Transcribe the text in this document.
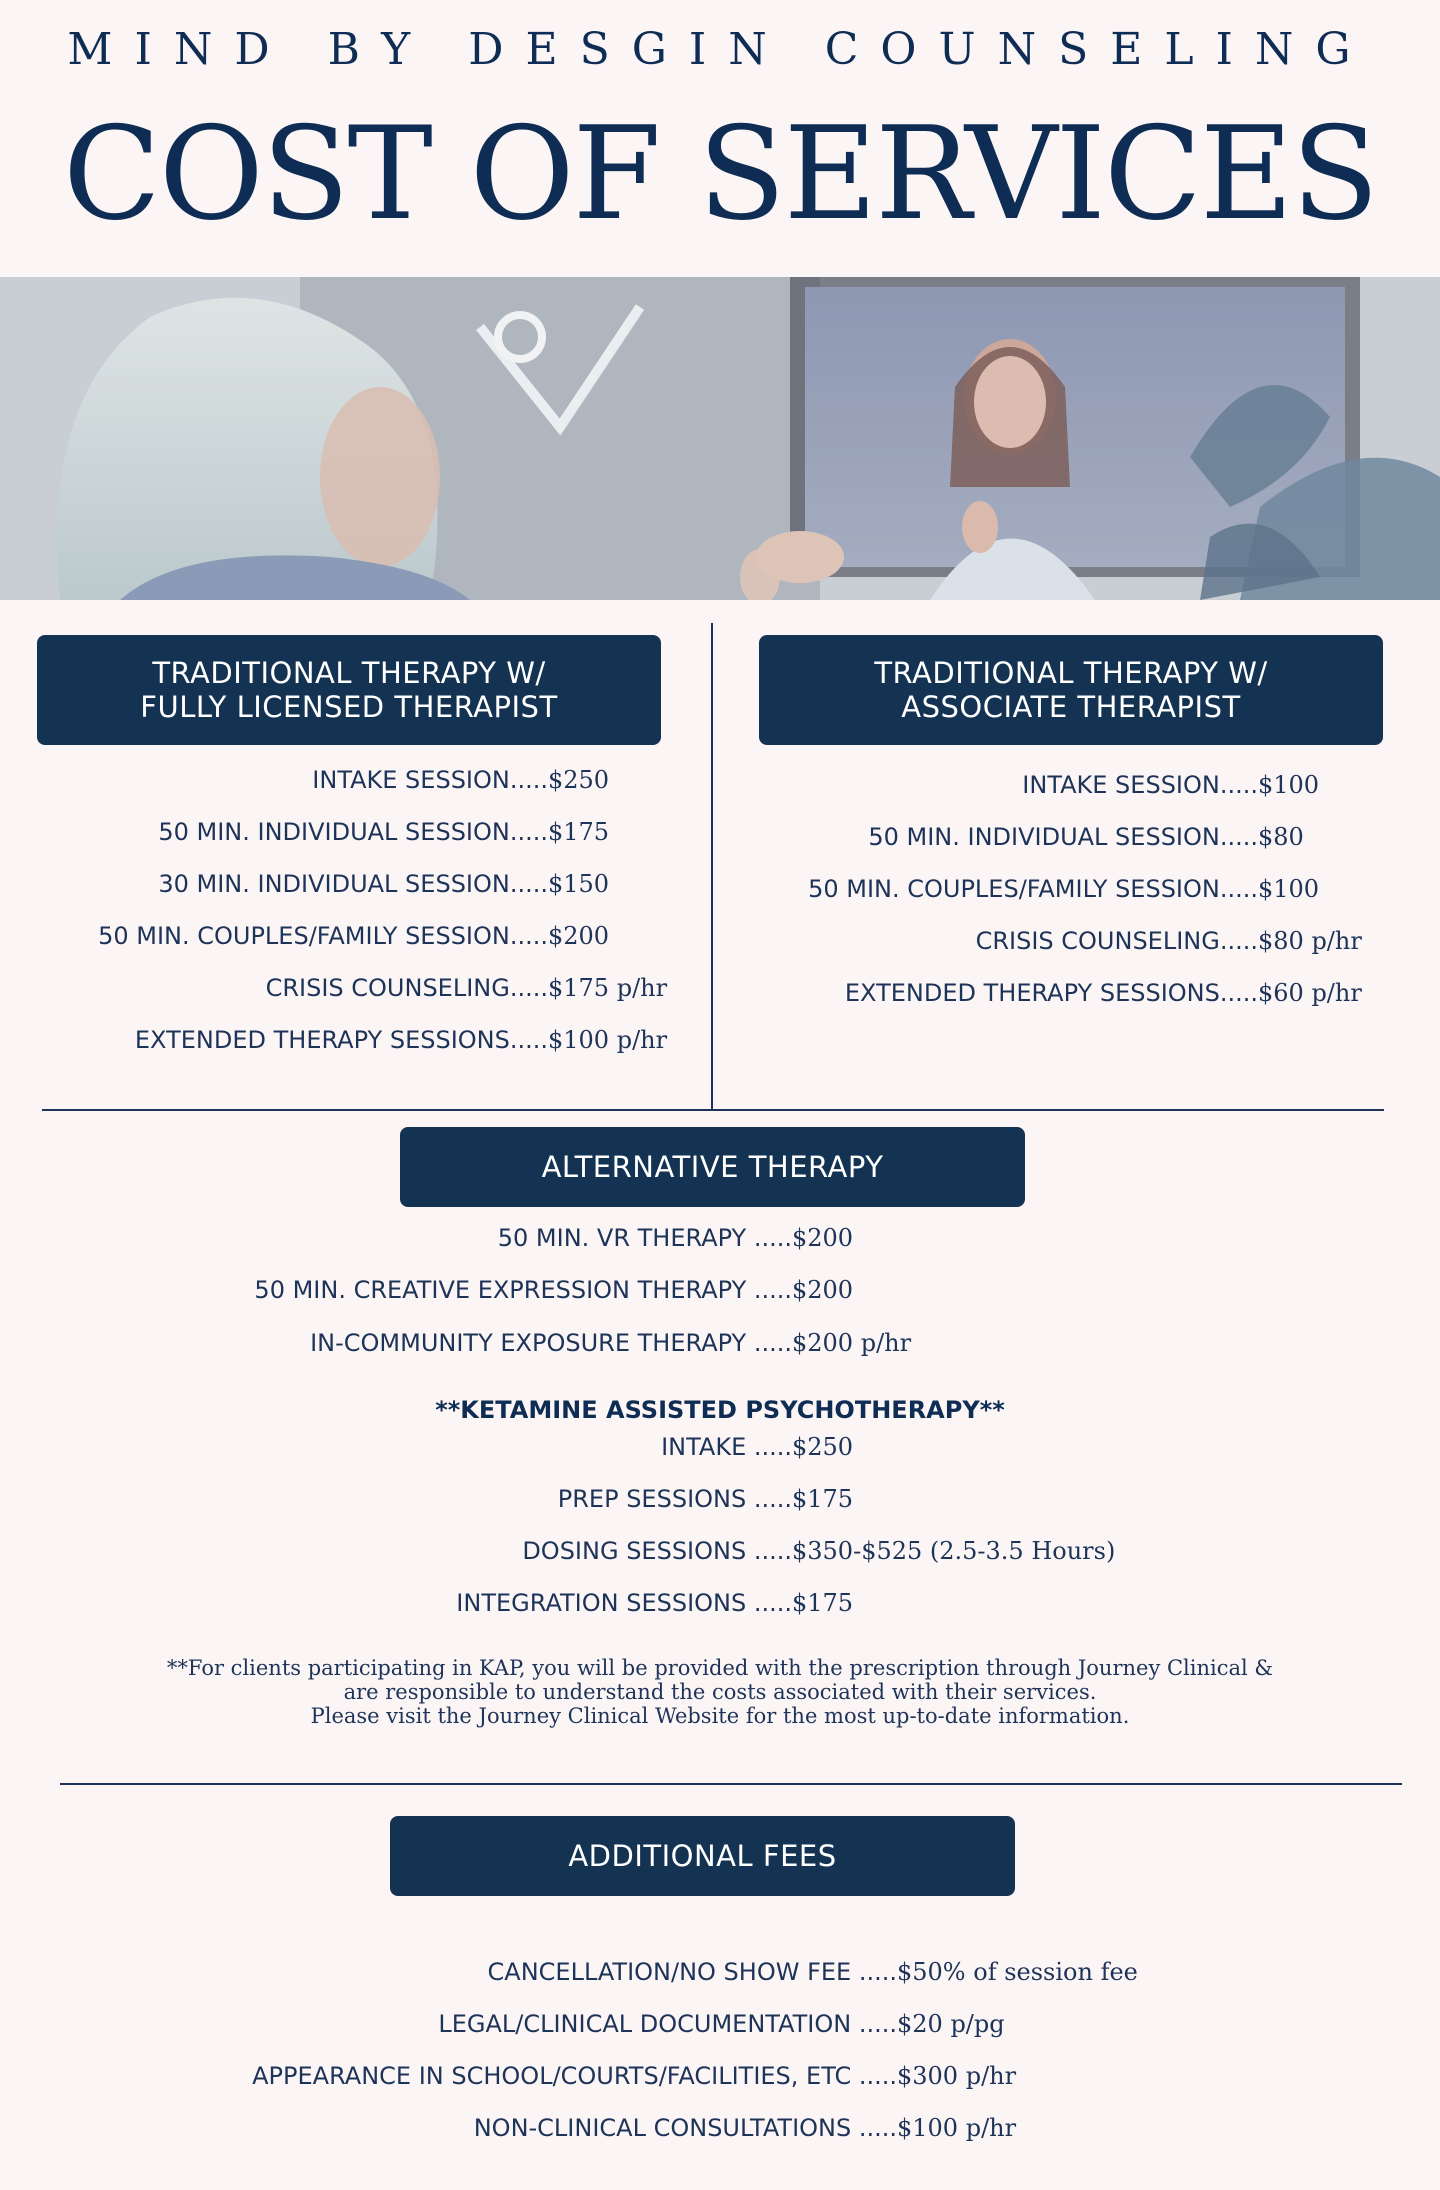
MIND BY DESGIN COUNSELING
COST OF SERVICES
TRADITIONAL THERAPY W/
FULLY LICENSED THERAPIST
INTAKE SESSION.....$250
50 MIN. INDIVIDUAL SESSION.....$175
30 MIN. INDIVIDUAL SESSION.....$150
50 MIN. COUPLES/FAMILY SESSION.....$200
CRISIS COUNSELING.....$175 p/hr
EXTENDED THERAPY SESSIONS.....$100 p/hr
TRADITIONAL THERAPY W/
ASSOCIATE THERAPIST
INTAKE SESSION.....$100
50 MIN. INDIVIDUAL SESSION.....$80
50 MIN. COUPLES/FAMILY SESSION.....$100
CRISIS COUNSELING.....$80 p/hr
EXTENDED THERAPY SESSIONS.....$60 p/hr
ALTERNATIVE THERAPY
50 MIN. VR THERAPY .....$200
50 MIN. CREATIVE EXPRESSION THERAPY .....$200
IN-COMMUNITY EXPOSURE THERAPY .....$200 p/hr
**KETAMINE ASSISTED PSYCHOTHERAPY**
INTAKE .....$250
PREP SESSIONS .....$175
DOSING SESSIONS .....$350-$525 (2.5-3.5 Hours)
INTEGRATION SESSIONS .....$175
**For clients participating in KAP, you will be provided with the prescription through Journey Clinical &
are responsible to understand the costs associated with their services.
Please visit the Journey Clinical Website for the most up-to-date information.
ADDITIONAL FEES
CANCELLATION/NO SHOW FEE .....$50% of session fee
LEGAL/CLINICAL DOCUMENTATION .....$20 p/pg
APPEARANCE IN SCHOOL/COURTS/FACILITIES, ETC .....$300 p/hr
NON-CLINICAL CONSULTATIONS .....$100 p/hr
